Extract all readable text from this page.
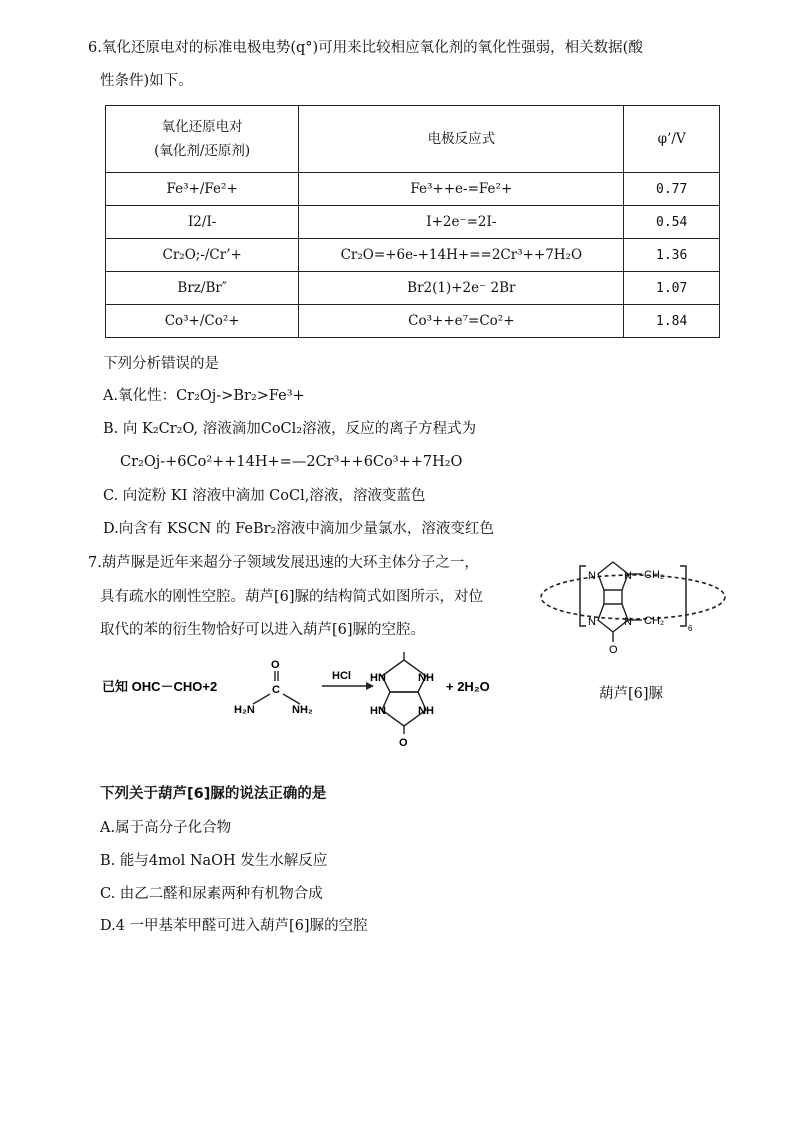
6.氧化还原电对的标准电极电势(q°)可用来比较相应氧化剂的氧化性强弱，相关数据(酸
性条件)如下。
氧化还原电对
(氧化剂/还原剂)	电极反应式	φ’/V
Fe³+/Fe²+	Fe³++e-=Fe²+	0.77
I2/I-	I+2e⁻=2I-	0.54
Cr₂O;-/Cr’+	Cr₂O=+6e-+14H+==2Cr³++7H₂O	1.36
Brz/Br″	Br2(1)+2e⁻ 2Br	1.07
Co³+/Co²+	Co³++e⁷=Co²+	1.84
下列分析错误的是
A.氧化性：Cr₂Oj->Br₂>Fe³+
B. 向 K₂Cr₂O, 溶液滴加CoCl₂溶液，反应的离子方程式为
Cr₂Oj-+6Co²++14H+=—2Cr³++6Co³++7H₂O
C. 向淀粉 KI 溶液中滴加 CoCl,溶液，溶液变蓝色
D.向含有 KSCN 的 FeBr₂溶液中滴加少量氯水，溶液变红色
7.葫芦脲是近年来超分子领域发展迅速的大环主体分子之一，
具有疏水的刚性空腔。葫芦[6]脲的结构简式如图所示，对位
取代的苯的衍生物恰好可以进入葫芦[6]脲的空腔。
N	N
N	N
CH₂
CH₂
6
O
葫芦[6]脲
已知 OHC－CHO+2
O
C
H₂N	NH₂
HCl HN	NH
HN	NH
O
+ 2H₂O
下列关于葫芦[6]脲的说法正确的是
A.属于高分子化合物
B. 能与4mol NaOH 发生水解反应
C. 由乙二醛和尿素两种有机物合成
D.4 一甲基苯甲醛可进入葫芦[6]脲的空腔
